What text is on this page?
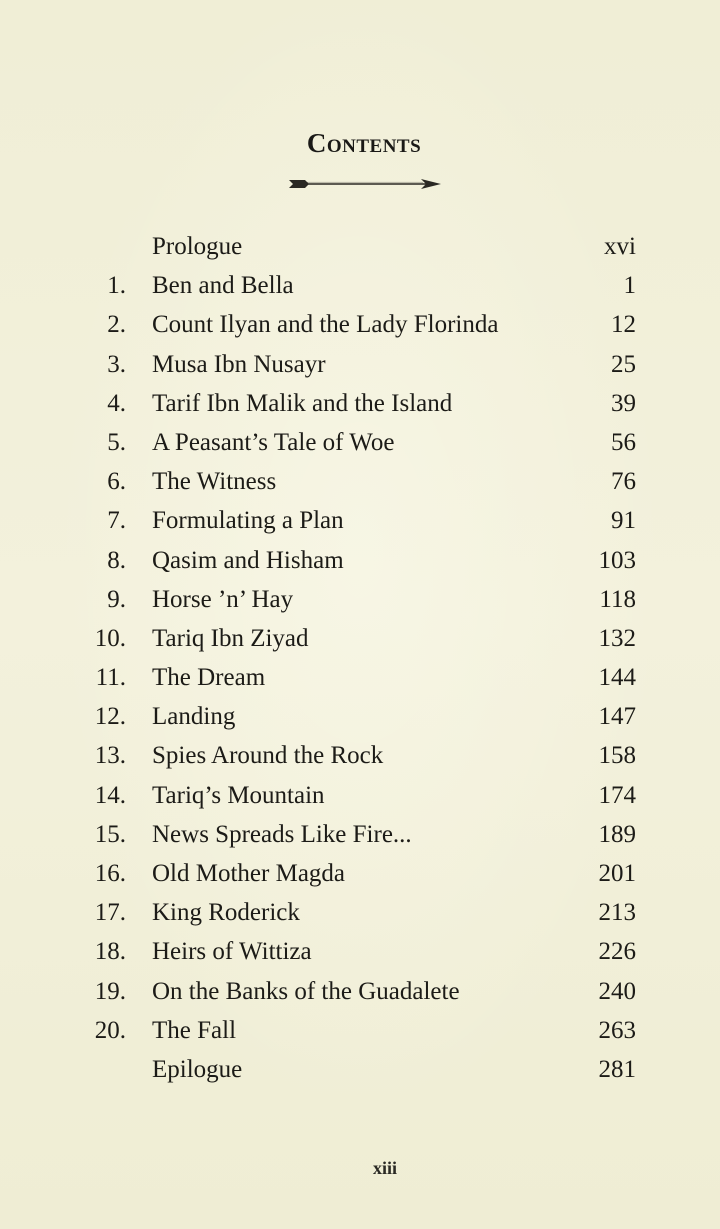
Contents
Prologue	xvi
1. Ben and Bella	1
2. Count Ilyan and the Lady Florinda	12
3. Musa Ibn Nusayr	25
4. Tarif Ibn Malik and the Island	39
5. A Peasant’s Tale of Woe	56
6. The Witness	76
7. Formulating a Plan	91
8. Qasim and Hisham	103
9. Horse ’n’ Hay	118
10. Tariq Ibn Ziyad	132
11. The Dream	144
12. Landing	147
13. Spies Around the Rock	158
14. Tariq’s Mountain	174
15. News Spreads Like Fire...	189
16. Old Mother Magda	201
17. King Roderick	213
18. Heirs of Wittiza	226
19. On the Banks of the Guadalete	240
20. The Fall	263
Epilogue	281
xiii
